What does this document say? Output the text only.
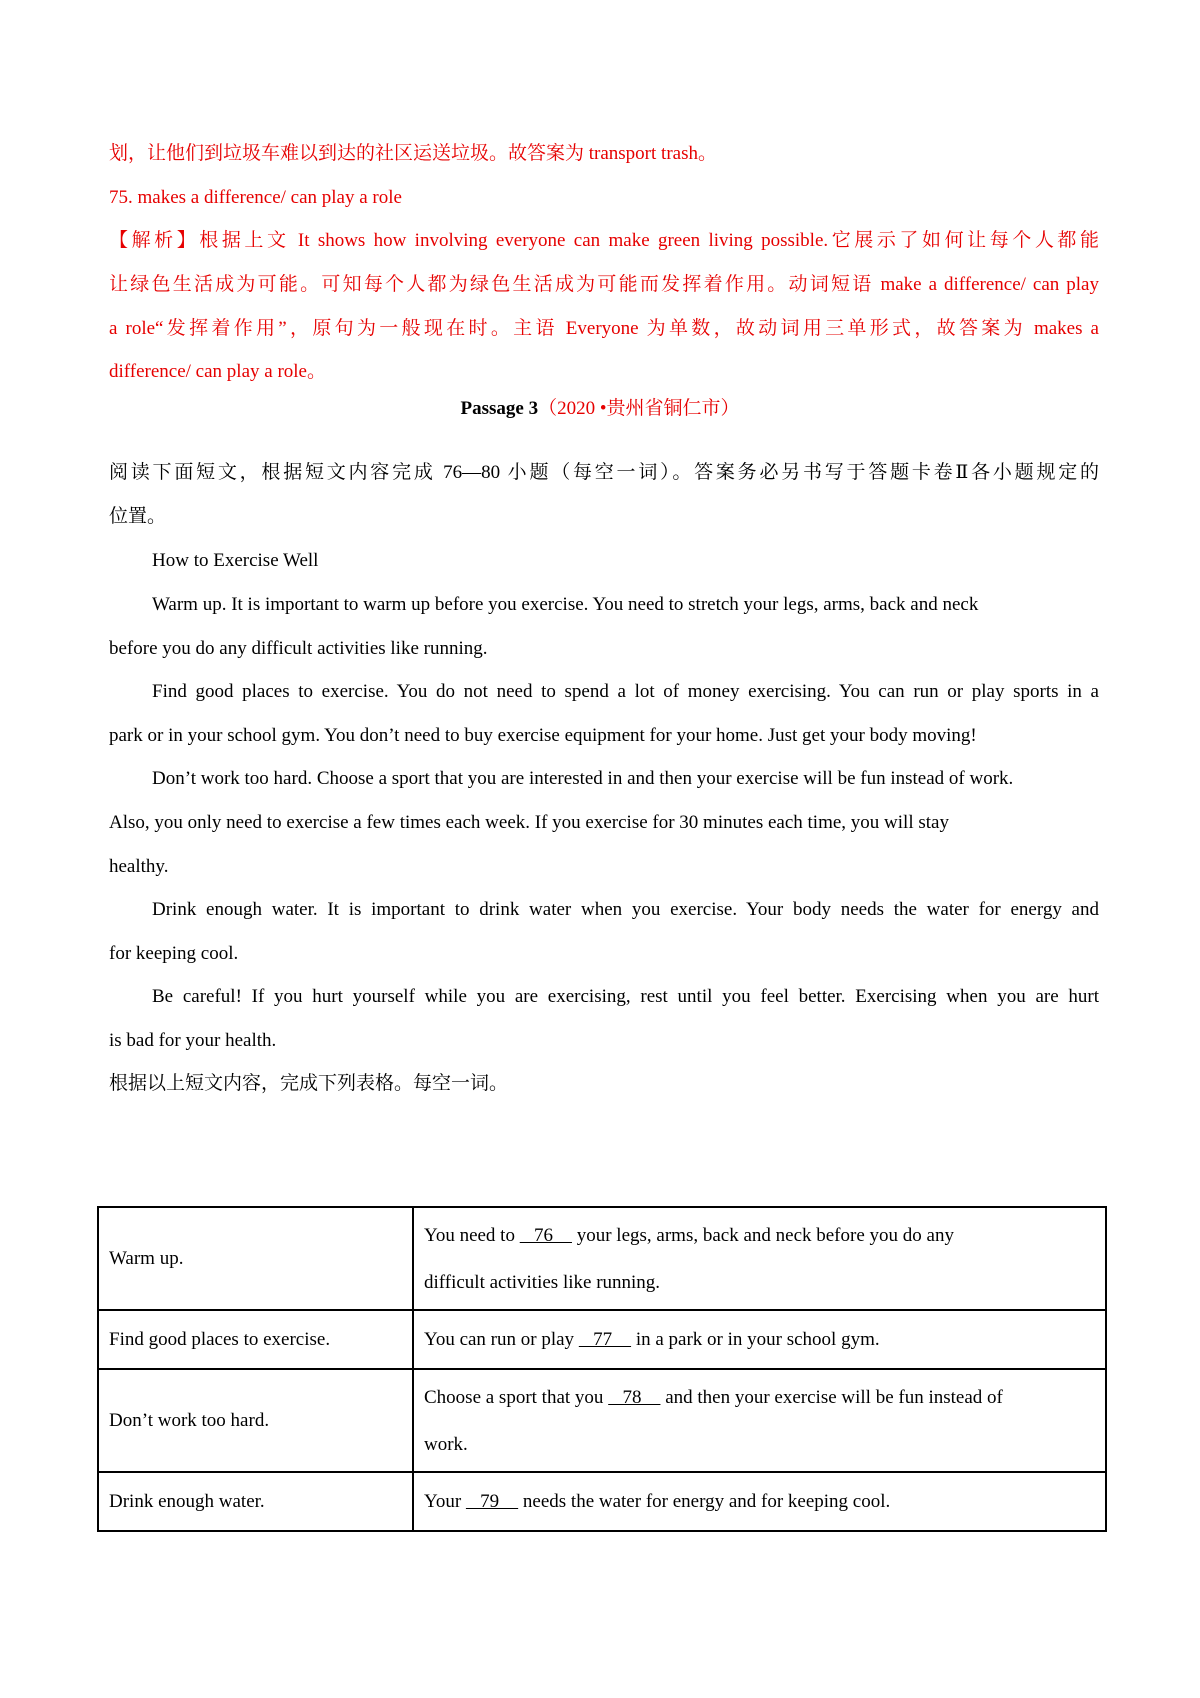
划，让他们到垃圾车难以到达的社区运送垃圾。故答案为 transport trash。
75. makes a difference/ can play a role
【解析】根据上文 It shows how involving everyone can make green living possible.它展示了如何让每个人都能
让绿色生活成为可能。可知每个人都为绿色生活成为可能而发挥着作用。动词短语 make a difference/ can play
a role“发挥着作用”，原句为一般现在时。主语 Everyone 为单数，故动词用三单形式，故答案为 makes a
difference/ can play a role。
Passage 3（2020 •贵州省铜仁市）
阅读下面短文，根据短文内容完成 76—80 小题（每空一词）。答案务必另书写于答题卡卷Ⅱ各小题规定的
位置。
How to Exercise Well
Warm up. It is important to warm up before you exercise. You need to stretch your legs, arms, back and neck
before you do any difficult activities like running.
Find good places to exercise. You do not need to spend a lot of money exercising. You can run or play sports in a
park or in your school gym. You don’t need to buy exercise equipment for your home. Just get your body moving!
Don’t work too hard. Choose a sport that you are interested in and then your exercise will be fun instead of work.
Also, you only need to exercise a few times each week. If you exercise for 30 minutes each time, you will stay
healthy.
Drink enough water. It is important to drink water when you exercise. Your body needs the water for energy and
for keeping cool.
Be careful! If you hurt yourself while you are exercising, rest until you feel better. Exercising when you are hurt
is bad for your health.
根据以上短文内容，完成下列表格。每空一词。
Warm up.	You need to    76     your legs, arms, back and neck before you do any
difficult activities like running.

Find good places to exercise.	You can run or play    77     in a park or in your school gym.
Don’t work too hard.	Choose a sport that you    78     and then your exercise will be fun instead of
work.

Drink enough water.	Your    79     needs the water for energy and for keeping cool.
